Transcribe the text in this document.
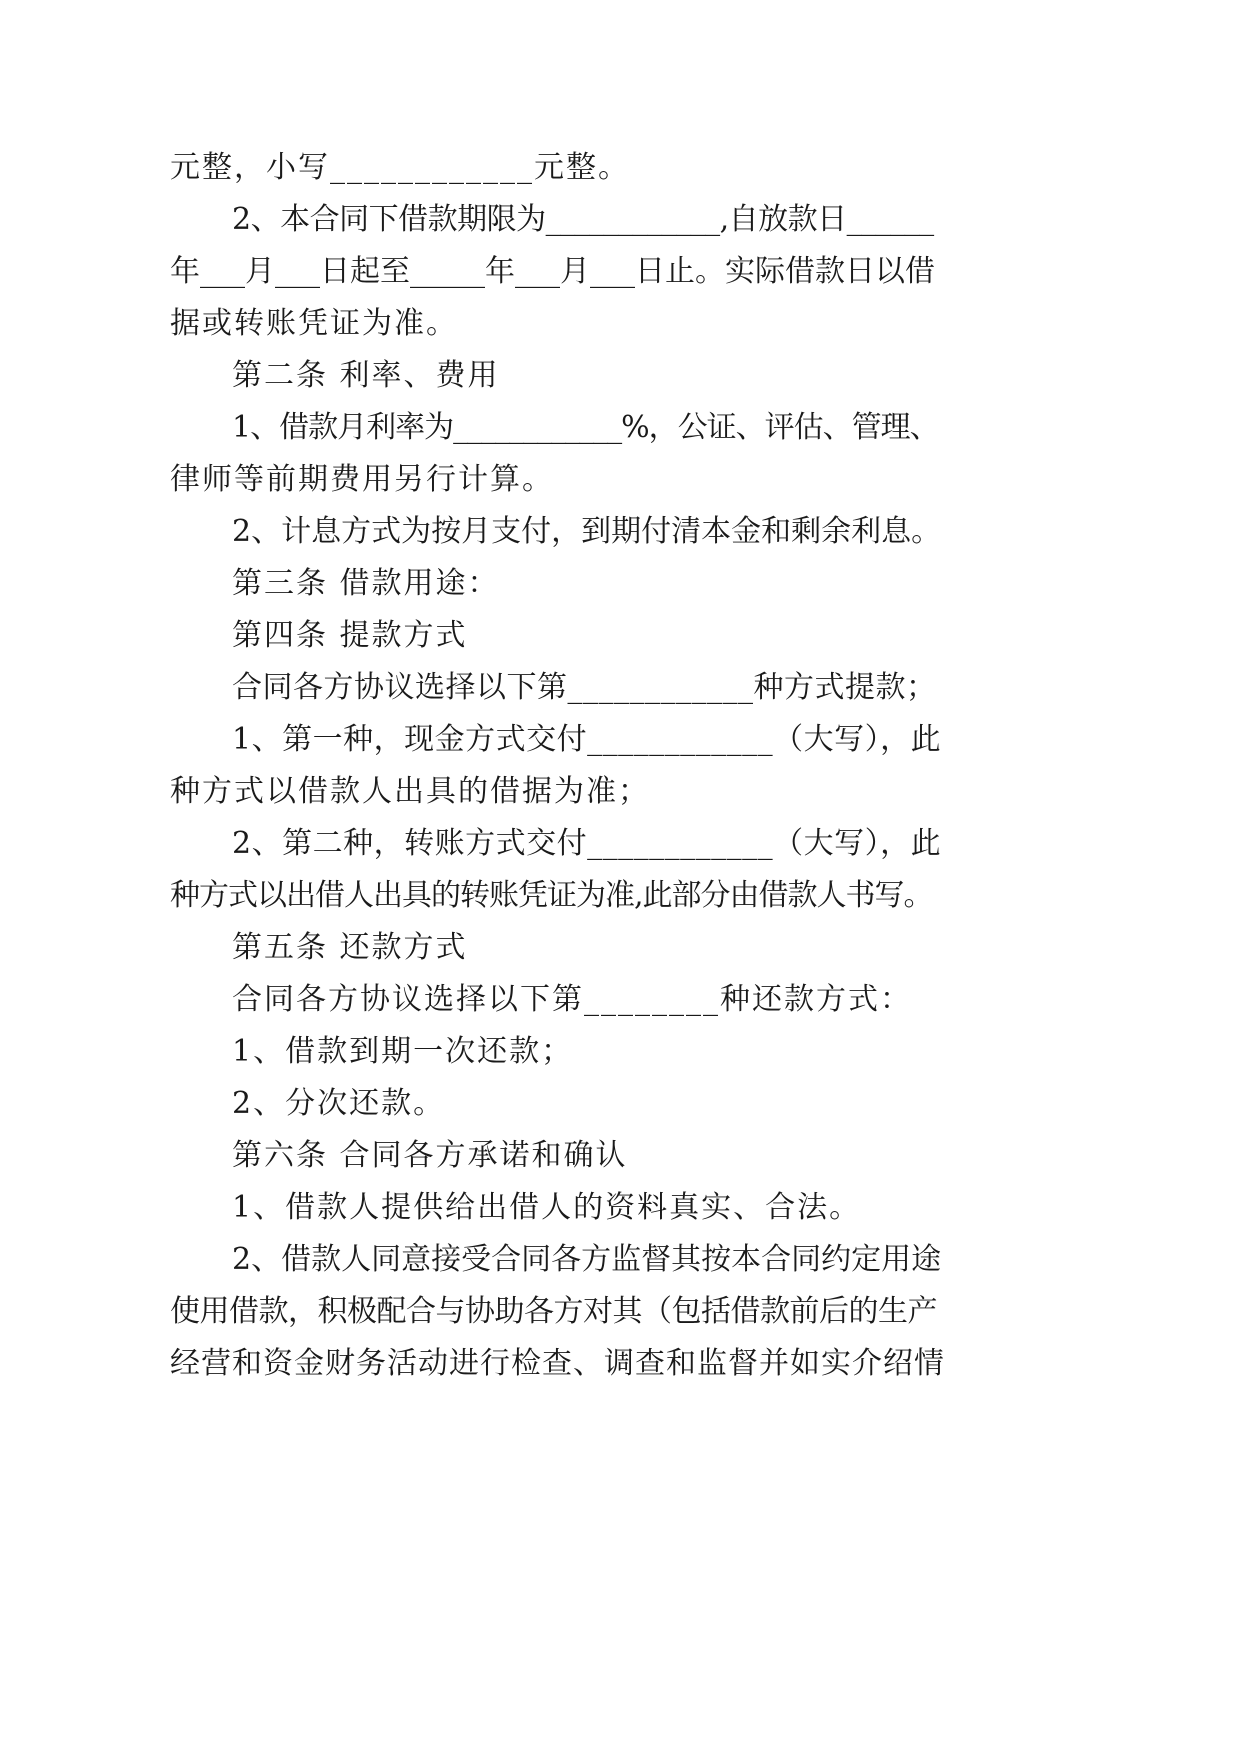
元整，小写____________元整。
2、本合同下借款期限为____________,自放款日______
年___月___日起至_____年___月___日止。实际借款日以借
据或转账凭证为准。
第二条 利率、费用
1、借款月利率为____________%，公证、评估、管理、
律师等前期费用另行计算。
2、计息方式为按月支付，到期付清本金和剩余利息。
第三条 借款用途：
第四条 提款方式
合同各方协议选择以下第____________种方式提款；
1、第一种，现金方式交付____________（大写），此
种方式以借款人出具的借据为准；
2、第二种，转账方式交付____________（大写），此
种方式以出借人出具的转账凭证为准,此部分由借款人书写。
第五条 还款方式
合同各方协议选择以下第________种还款方式：
1、借款到期一次还款；
2、分次还款。
第六条 合同各方承诺和确认
1、借款人提供给出借人的资料真实、合法。
2、借款人同意接受合同各方监督其按本合同约定用途
使用借款，积极配合与协助各方对其（包括借款前后的生产
经营和资金财务活动进行检查、调查和监督并如实介绍情
